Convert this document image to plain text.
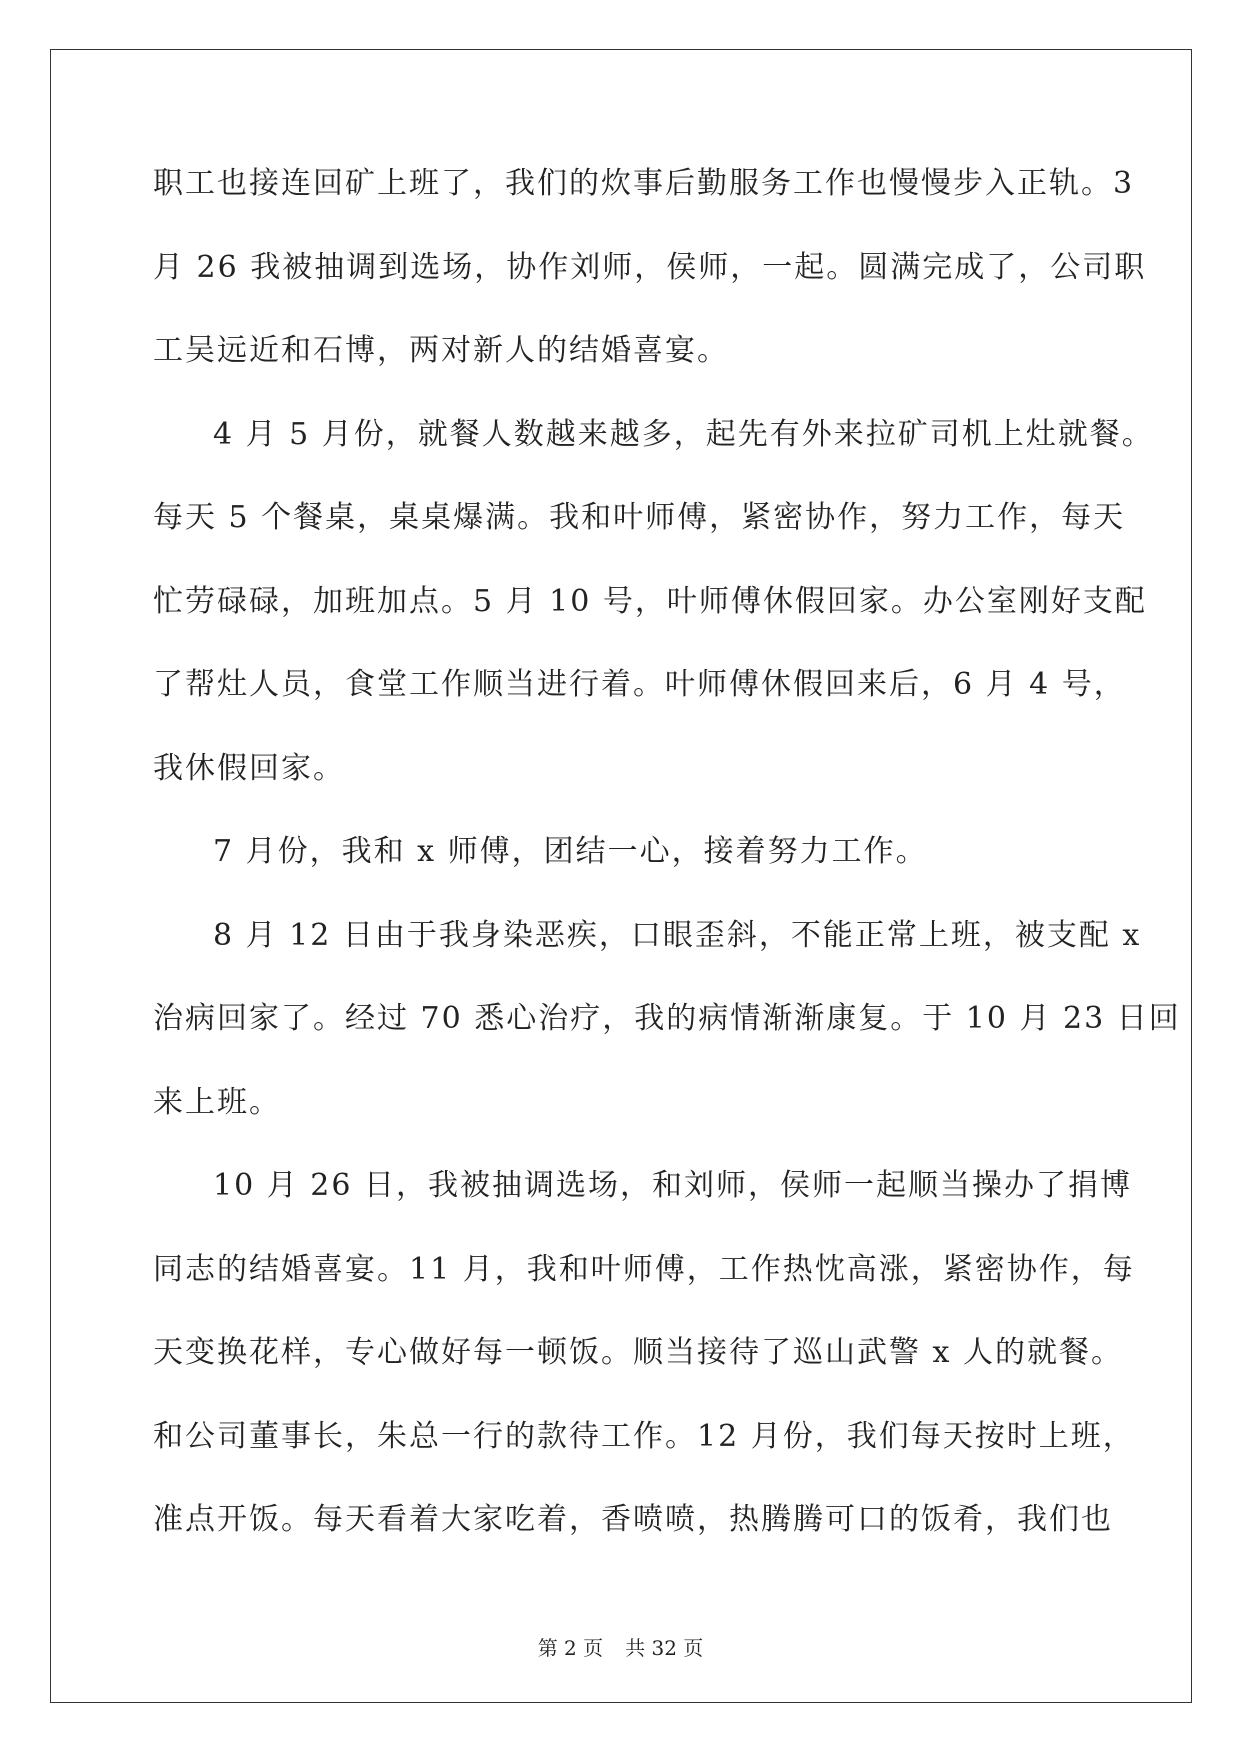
职工也接连回矿上班了，我们的炊事后勤服务工作也慢慢步入正轨。3
月 26 我被抽调到选场，协作刘师，侯师，一起。圆满完成了，公司职
工吴远近和石博，两对新人的结婚喜宴。
4 月 5 月份，就餐人数越来越多，起先有外来拉矿司机上灶就餐。
每天 5 个餐桌，桌桌爆满。我和叶师傅，紧密协作，努力工作，每天
忙劳碌碌，加班加点。5 月 10 号，叶师傅休假回家。办公室刚好支配
了帮灶人员，食堂工作顺当进行着。叶师傅休假回来后，6 月 4 号，
我休假回家。
7 月份，我和 x 师傅，团结一心，接着努力工作。
8 月 12 日由于我身染恶疾，口眼歪斜，不能正常上班，被支配 x
治病回家了。经过 70 悉心治疗，我的病情渐渐康复。于 10 月 23 日回
来上班。
10 月 26 日，我被抽调选场，和刘师，侯师一起顺当操办了捐博
同志的结婚喜宴。11 月，我和叶师傅，工作热忱高涨，紧密协作，每
天变换花样，专心做好每一顿饭。顺当接待了巡山武警 x 人的就餐。
和公司董事长，朱总一行的款待工作。12 月份，我们每天按时上班，
准点开饭。每天看着大家吃着，香喷喷，热腾腾可口的饭肴，我们也
第 2 页 共 32 页
